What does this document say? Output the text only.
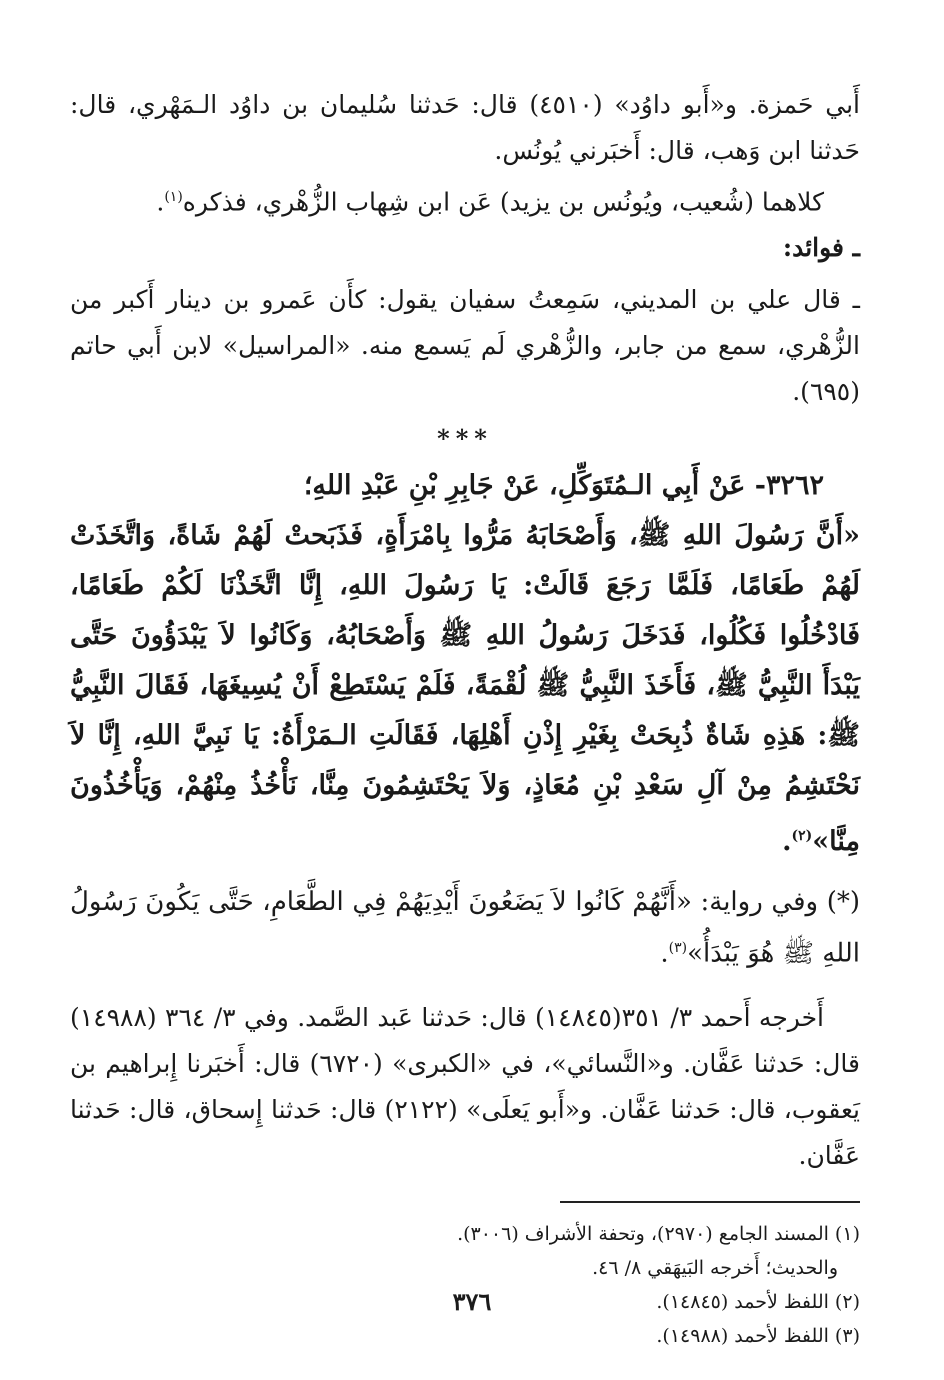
أَبي حَمزة. و«أَبو داوُد» (٤٥١٠) قال: حَدثنا سُليمان بن داوُد الـمَهْري، قال: حَدثنا ابن وَهب، قال: أَخبَرني يُونُس.

كلاهما (شُعيب، ويُونُس بن يزيد) عَن ابن شِهاب الزُّهْري، فذكره$^{(١)}$.

ـ فوائد:

ـ قال علي بن المديني، سَمِعتُ سفيان يقول: كأَن عَمرو بن دينار أَكبر من الزُّهْري، سمع من جابر، والزُّهْري لَم يَسمع منه. «المراسيل» لابن أَبي حاتم (٦٩٥).

***

٣٢٦٢- عَنْ أَبِي الـمُتَوَكِّلِ، عَنْ جَابِرِ بْنِ عَبْدِ اللهِ؛

«أَنَّ رَسُولَ اللهِ ﷺ، وَأَصْحَابَهُ مَرُّوا بِامْرَأَةٍ، فَذَبَحتْ لَهُمْ شَاةً، وَاتَّخَذَتْ لَهُمْ طَعَامًا، فَلَمَّا رَجَعَ قَالَتْ: يَا رَسُولَ اللهِ، إِنَّا اتَّخَذْنَا لَكُمْ طَعَامًا، فَادْخُلُوا فَكُلُوا، فَدَخَلَ رَسُولُ اللهِ ﷺ وَأَصْحَابُهُ، وَكَانُوا لاَ يَبْدَؤُونَ حَتَّى يَبْدَأَ النَّبِيُّ ﷺ، فَأَخَذَ النَّبِيُّ ﷺ لُقْمَةً، فَلَمْ يَسْتَطِعْ أَنْ يُسِيغَهَا، فَقَالَ النَّبِيُّ ﷺ: هَذِهِ شَاةٌ ذُبِحَتْ بِغَيْرِ إِذْنِ أَهْلِهَا، فَقَالَتِ الـمَرْأَةُ: يَا نَبِيَّ اللهِ، إِنَّا لاَ نَحْتَشِمُ مِنْ آلِ سَعْدِ بْنِ مُعَاذٍ، وَلاَ يَحْتَشِمُونَ مِنَّا، نَأْخُذُ مِنْهُمْ، وَيَأْخُذُونَ مِنَّا»$^{(٢)}$.

(*) وفي رواية: «أَنَّهُمْ كَانُوا لاَ يَضَعُونَ أَيْدِيَهُمْ فِي الطَّعَامِ، حَتَّى يَكُونَ رَسُولُ اللهِ ﷺ هُوَ يَبْدَأُ»$^{(٣)}$.

أَخرجه أَحمد ٣/ ٣٥١(١٤٨٤٥) قال: حَدثنا عَبد الصَّمد. وفي ٣/ ٣٦٤ (١٤٩٨٨) قال: حَدثنا عَفَّان. و«النَّسائي»، في «الكبرى» (٦٧٢٠) قال: أَخبَرنا إِبراهيم بن يَعقوب، قال: حَدثنا عَفَّان. و«أَبو يَعلَى» (٢١٢٢) قال: حَدثنا إِسحاق، قال: حَدثنا عَفَّان.

(١) المسند الجامع (٢٩٧٠)، وتحفة الأشراف (٣٠٠٦).

والحديث؛ أَخرجه البَيهَقي ٨/ ٤٦.

(٢) اللفظ لأحمد (١٤٨٤٥).

(٣) اللفظ لأحمد (١٤٩٨٨).

٣٧٦
